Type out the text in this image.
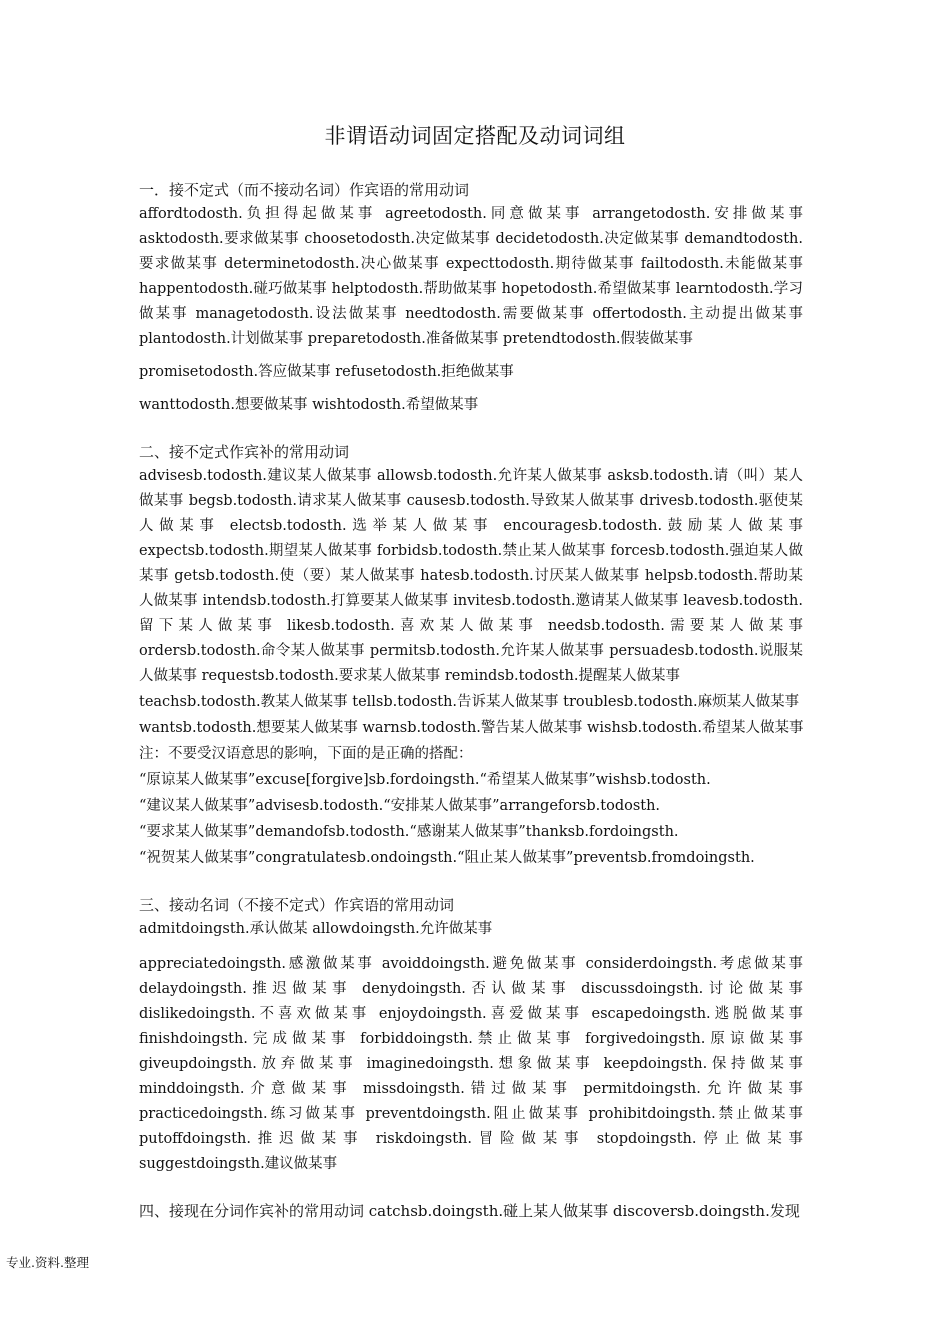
非谓语动词固定搭配及动词词组
一．接不定式（而不接动名词）作宾语的常用动词
affordtodosth.负担得起做某事 agreetodosth.同意做某事 arrangetodosth.安排做某事 asktodosth.要求做某事 choosetodosth.决定做某事 decidetodosth.决定做某事 demandtodosth.要求做某事 determinetodosth.决心做某事 expecttodosth.期待做某事 failtodosth.未能做某事 happentodosth.碰巧做某事 helptodosth.帮助做某事 hopetodosth.希望做某事 learntodosth.学习做某事 managetodosth.设法做某事 needtodosth.需要做某事 offertodosth.主动提出做某事 plantodosth.计划做某事 preparetodosth.准备做某事 pretendtodosth.假装做某事
promisetodosth.答应做某事 refusetodosth.拒绝做某事
wanttodosth.想要做某事 wishtodosth.希望做某事
二、接不定式作宾补的常用动词
advisesb.todosth.建议某人做某事 allowsb.todosth.允许某人做某事 asksb.todosth.请（叫）某人做某事 begsb.todosth.请求某人做某事 causesb.todosth.导致某人做某事 drivesb.todosth.驱使某人做某事 electsb.todosth.选举某人做某事 encouragesb.todosth.鼓励某人做某事 expectsb.todosth.期望某人做某事 forbidsb.todosth.禁止某人做某事 forcesb.todosth.强迫某人做某事 getsb.todosth.使（要）某人做某事 hatesb.todosth.讨厌某人做某事 helpsb.todosth.帮助某人做某事 intendsb.todosth.打算要某人做某事 invitesb.todosth.邀请某人做某事 leavesb.todosth.留下某人做某事 likesb.todosth.喜欢某人做某事 needsb.todosth.需要某人做某事 ordersb.todosth.命令某人做某事 permitsb.todosth.允许某人做某事 persuadesb.todosth.说服某人做某事 requestsb.todosth.要求某人做某事 remindsb.todosth.提醒某人做某事
teachsb.todosth.教某人做某事 tellsb.todosth.告诉某人做某事 troublesb.todosth.麻烦某人做某事
wantsb.todosth.想要某人做某事 warnsb.todosth.警告某人做某事 wishsb.todosth.希望某人做某事
注：不要受汉语意思的影响，下面的是正确的搭配：
“原谅某人做某事”excuse[forgive]sb.fordoingsth.“希望某人做某事”wishsb.todosth.
“建议某人做某事”advisesb.todosth.“安排某人做某事”arrangeforsb.todosth.
“要求某人做某事”demandofsb.todosth.“感谢某人做某事”thanksb.fordoingsth.
“祝贺某人做某事”congratulatesb.ondoingsth.“阻止某人做某事”preventsb.fromdoingsth.
三、接动名词（不接不定式）作宾语的常用动词
admitdoingsth.承认做某 allowdoingsth.允许做某事
appreciatedoingsth.感激做某事 avoiddoingsth.避免做某事 considerdoingsth.考虑做某事 delaydoingsth.推迟做某事 denydoingsth.否认做某事 discussdoingsth.讨论做某事 dislikedoingsth.不喜欢做某事 enjoydoingsth.喜爱做某事 escapedoingsth.逃脱做某事 finishdoingsth.完成做某事 forbiddoingsth.禁止做某事 forgivedoingsth.原谅做某事 giveupdoingsth.放弃做某事 imaginedoingsth.想象做某事 keepdoingsth.保持做某事 minddoingsth.介意做某事 missdoingsth.错过做某事 permitdoingsth.允许做某事 practicedoingsth.练习做某事 preventdoingsth.阻止做某事 prohibitdoingsth.禁止做某事 putoffdoingsth.推迟做某事 riskdoingsth.冒险做某事 stopdoingsth.停止做某事 suggestdoingsth.建议做某事
四、接现在分词作宾补的常用动词 catchsb.doingsth.碰上某人做某事 discoversb.doingsth.发现
专业.资料.整理
